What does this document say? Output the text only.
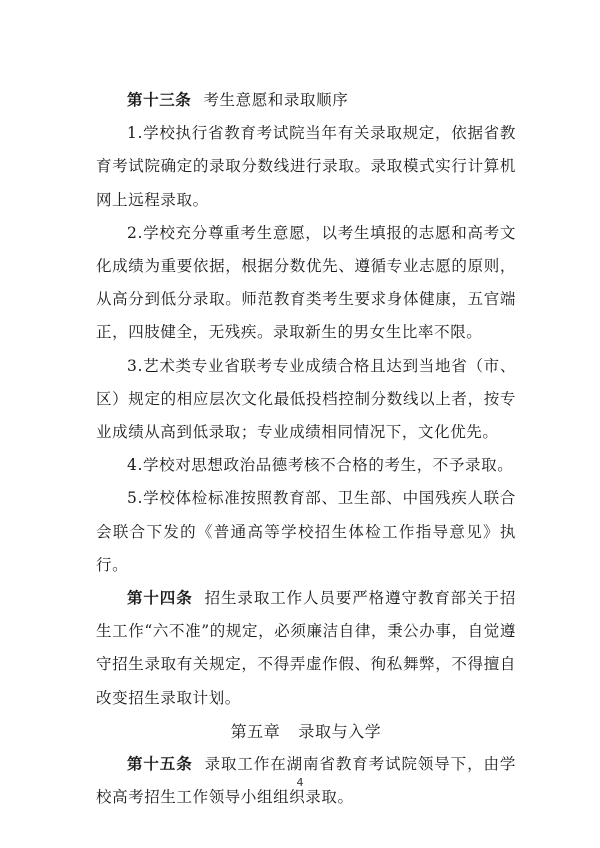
第十三条 考生意愿和录取顺序

1.学校执行省教育考试院当年有关录取规定，依据省教育考试院确定的录取分数线进行录取。录取模式实行计算机网上远程录取。

2.学校充分尊重考生意愿，以考生填报的志愿和高考文化成绩为重要依据，根据分数优先、遵循专业志愿的原则，从高分到低分录取。师范教育类考生要求身体健康，五官端正，四肢健全，无残疾。录取新生的男女生比率不限。

3.艺术类专业省联考专业成绩合格且达到当地省（市、区）规定的相应层次文化最低投档控制分数线以上者，按专业成绩从高到低录取；专业成绩相同情况下，文化优先。

4.学校对思想政治品德考核不合格的考生，不予录取。

5.学校体检标准按照教育部、卫生部、中国残疾人联合会联合下发的《普通高等学校招生体检工作指导意见》执行。

第十四条 招生录取工作人员要严格遵守教育部关于招生工作“六不准”的规定，必须廉洁自律，秉公办事，自觉遵守招生录取有关规定，不得弄虚作假、徇私舞弊，不得擅自改变招生录取计划。

第五章 录取与入学

第十五条 录取工作在湖南省教育考试院领导下，由学校高考招生工作领导小组组织录取。

4
